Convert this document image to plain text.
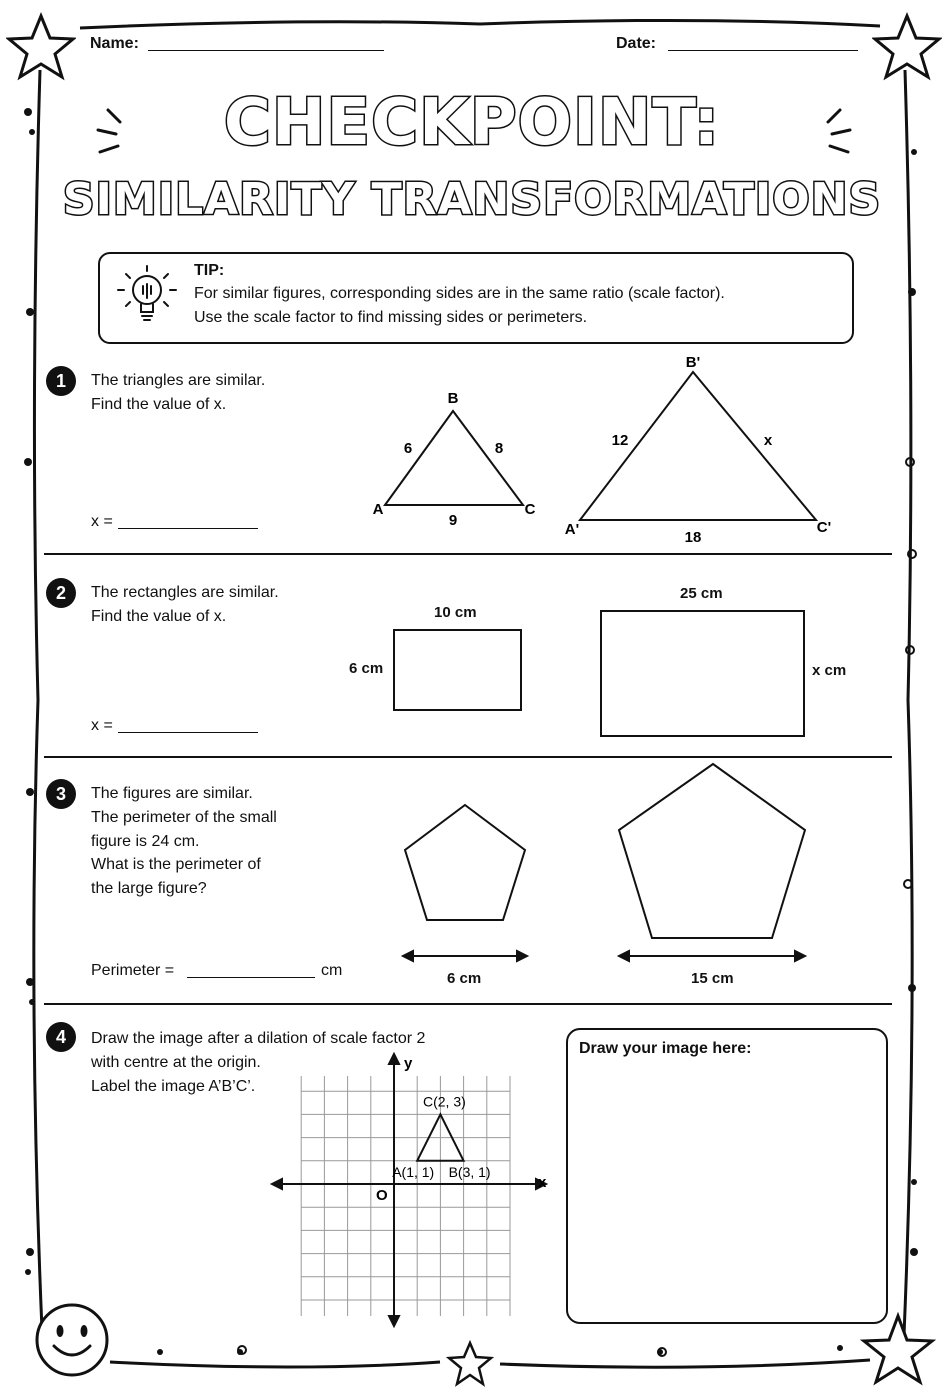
Name:	Date:
CHECKPOINT:
SIMILARITY TRANSFORMATIONS
TIP:
For similar figures, corresponding sides are in the same ratio (scale factor).
Use the scale factor to find missing sides or perimeters.
1	The triangles are similar.
Find the value of x.
x =
B
A	C
6	8
9
B'
A'	C'
12	x
18
2	The rectangles are similar.
Find the value of x.
x =
10 cm
6 cm
25 cm
x cm
3	The figures are similar.
The perimeter of the small
figure is 24 cm.
What is the perimeter of
the large figure?
Perimeter =	cm	6 cm	15 cm
4	Draw the image after a dilation of scale factor 2
with centre at the origin.
Label the image A’B’C’.
y
x
O
A(1, 1) B(3, 1)
C(2, 3)
Draw your image here:
